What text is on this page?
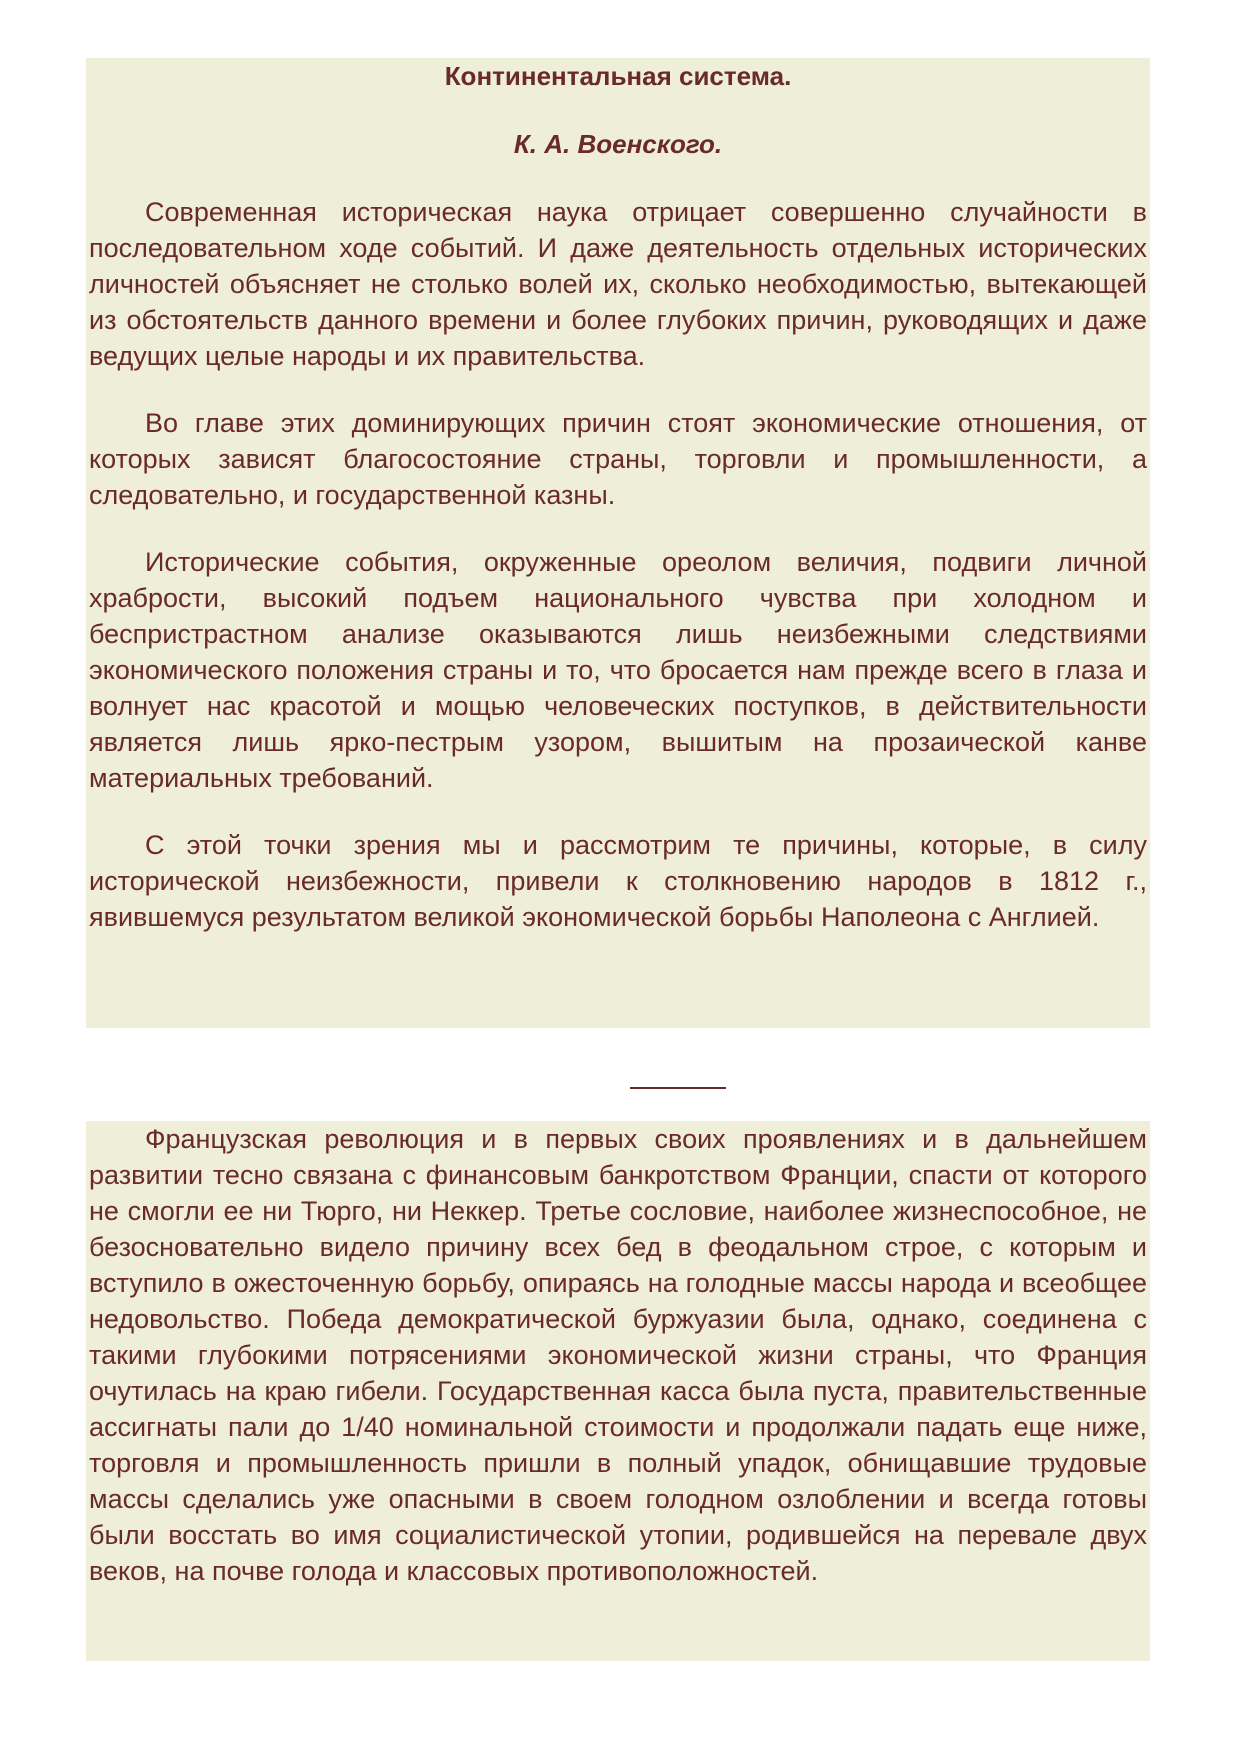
Континентальная система.

К. А. Военского.

Современная историческая наука отрицает совершенно случайности в последовательном ходе событий. И даже деятельность отдельных исторических личностей объясняет не столько волей их, сколько необходимостью, вытекающей из обстоятельств данного времени и более глубоких причин, руководящих и даже ведущих целые народы и их правительства.

Во главе этих доминирующих причин стоят экономические отношения, от которых зависят благосостояние страны, торговли и промышленности, а следовательно, и государственной казны.

Исторические события, окруженные ореолом величия, подвиги личной храбрости, высокий подъем национального чувства при холодном и беспристрастном анализе оказываются лишь неизбежными следствиями экономического положения страны и то, что бросается нам прежде всего в глаза и волнует нас красотой и мощью человеческих поступков, в действительности является лишь ярко-пестрым узором, вышитым на прозаической канве материальных требований.

С этой точки зрения мы и рассмотрим те причины, которые, в силу исторической неизбежности, привели к столкновению народов в 1812 г., явившемуся результатом великой экономической борьбы Наполеона с Англией.

Французская революция и в первых своих проявлениях и в дальнейшем развитии тесно связана с финансовым банкротством Франции, спасти от которого не смогли ее ни Тюрго, ни Неккер. Третье сословие, наиболее жизнеспособное, не безосновательно видело причину всех бед в феодальном строе, с которым и вступило в ожесточенную борьбу, опираясь на голодные массы народа и всеобщее недовольство. Победа демократической буржуазии была, однако, соединена с такими глубокими потрясениями экономической жизни страны, что Франция очутилась на краю гибели. Государственная касса была пуста, правительственные ассигнаты пали до 1/40 номинальной стоимости и продолжали падать еще ниже, торговля и промышленность пришли в полный упадок, обнищавшие трудовые массы сделались уже опасными в своем голодном озлоблении и всегда готовы были восстать во имя социалистической утопии, родившейся на перевале двух веков, на почве голода и классовых противоположностей.
